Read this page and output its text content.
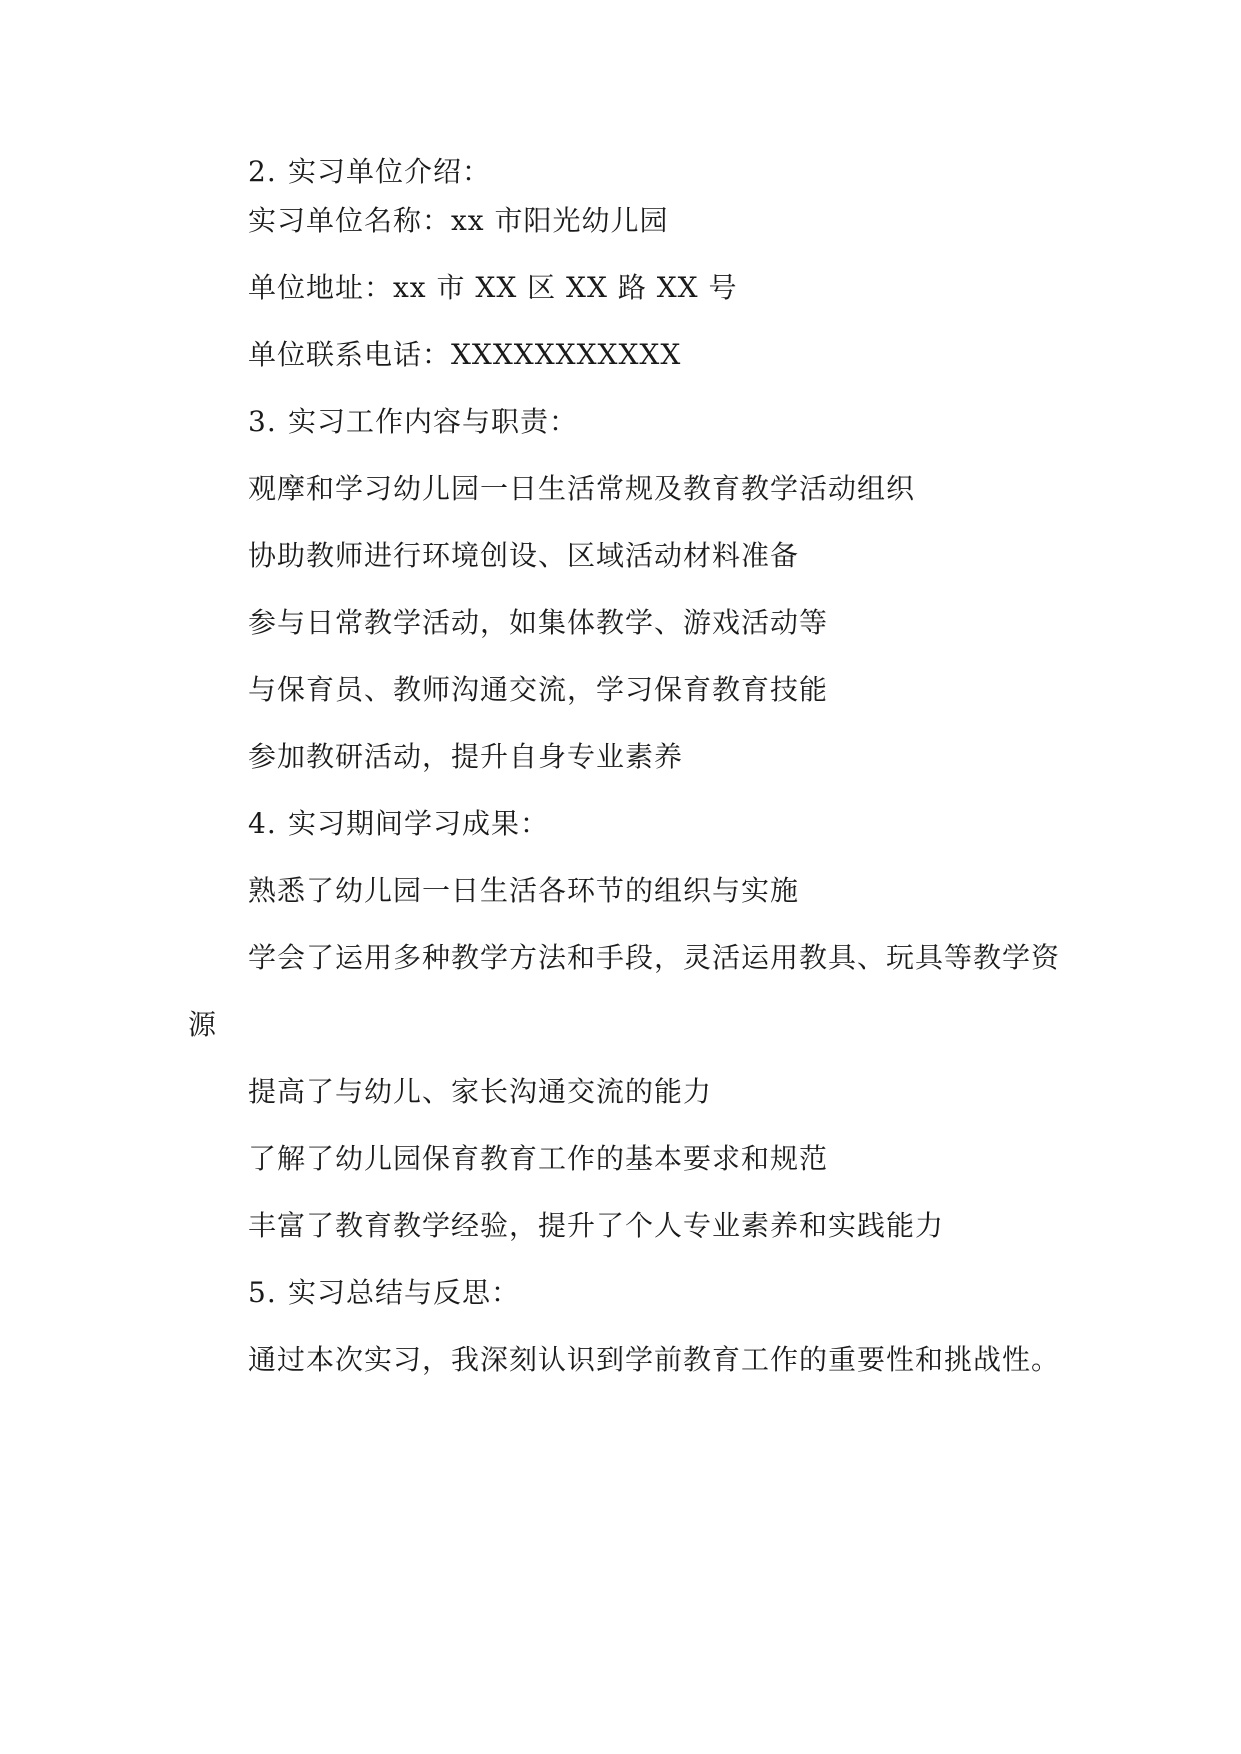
2. 实习单位介绍：
实习单位名称：xx 市阳光幼儿园
单位地址：xx 市 XX 区 XX 路 XX 号
单位联系电话：XXXXXXXXXXX
3. 实习工作内容与职责：
观摩和学习幼儿园一日生活常规及教育教学活动组织
协助教师进行环境创设、区域活动材料准备
参与日常教学活动，如集体教学、游戏活动等
与保育员、教师沟通交流，学习保育教育技能
参加教研活动，提升自身专业素养
4. 实习期间学习成果：
熟悉了幼儿园一日生活各环节的组织与实施
学会了运用多种教学方法和手段，灵活运用教具、玩具等教学资
源
提高了与幼儿、家长沟通交流的能力
了解了幼儿园保育教育工作的基本要求和规范
丰富了教育教学经验，提升了个人专业素养和实践能力
5. 实习总结与反思：
通过本次实习，我深刻认识到学前教育工作的重要性和挑战性。
